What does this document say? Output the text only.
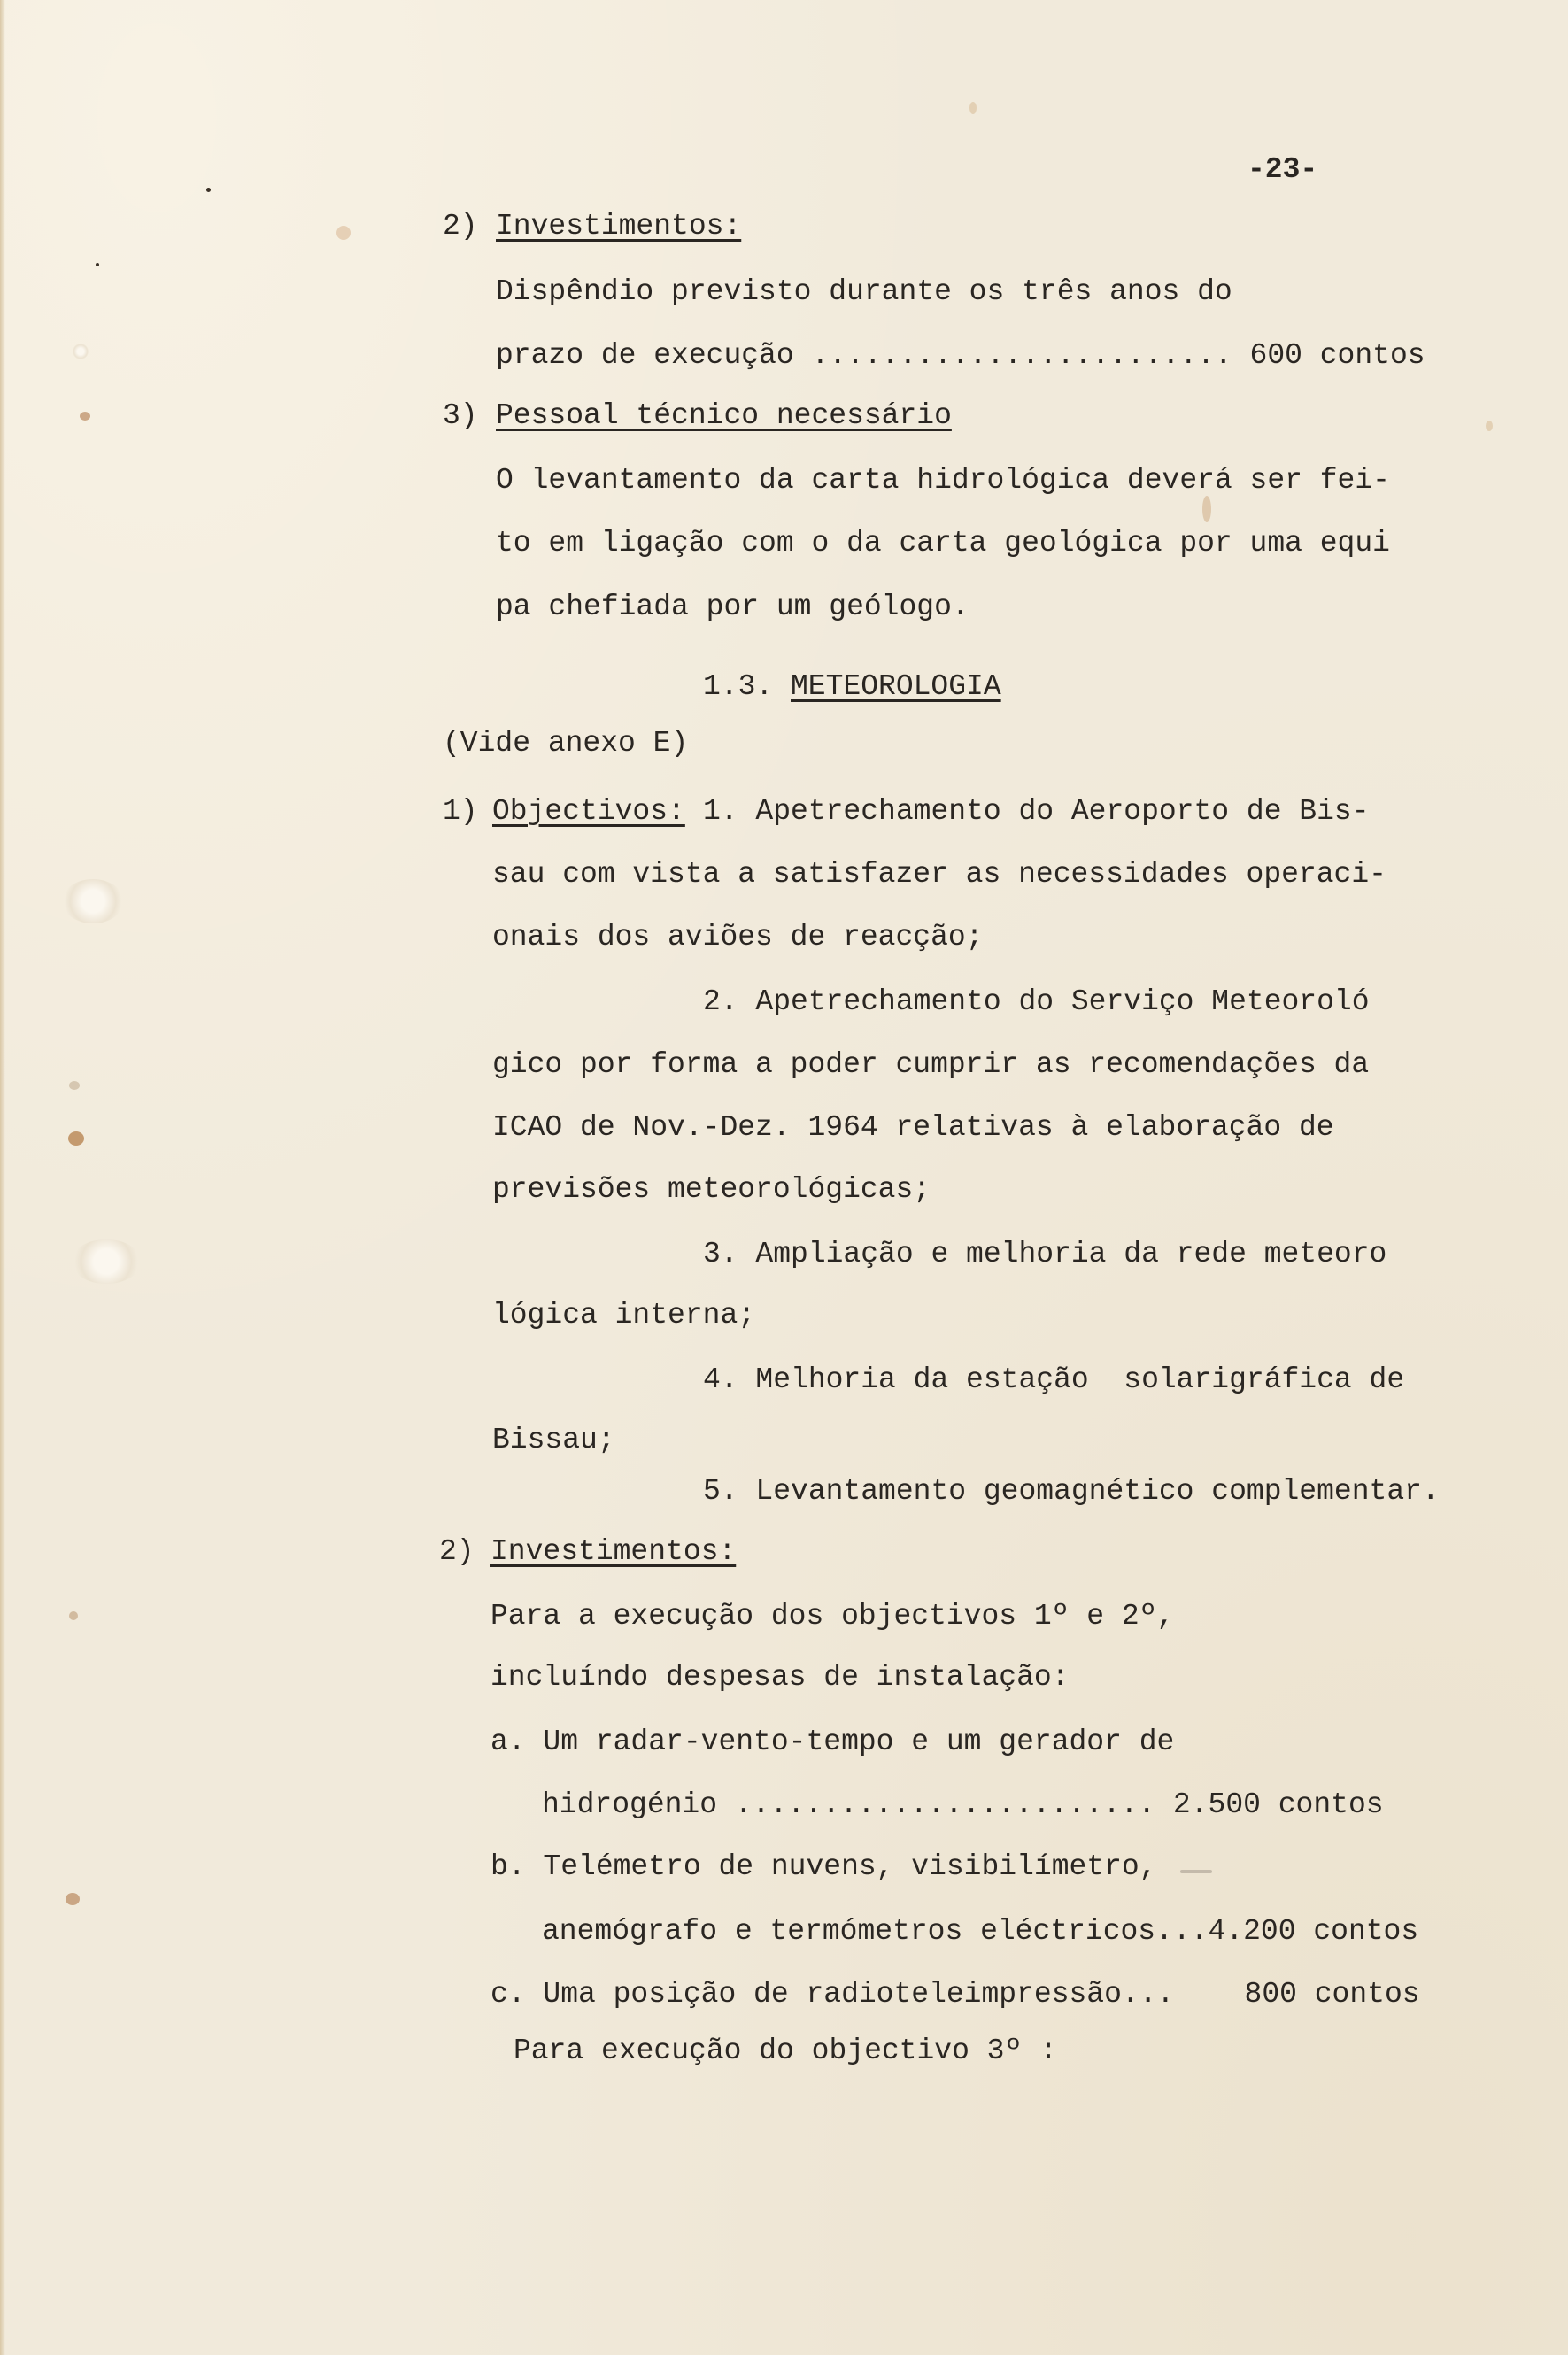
-23-
2) Investimentos:
Dispêndio previsto durante os três anos do
prazo de execução ........................ 600 contos
3) Pessoal técnico necessário
O levantamento da carta hidrológica deverá ser fei-
to em ligação com o da carta geológica por uma equi
pa chefiada por um geólogo.
1.3. METEOROLOGIA
(Vide anexo E)
1) Objectivos: 1. Apetrechamento do Aeroporto de Bis-
sau com vista a satisfazer as necessidades operaci-
onais dos aviões de reacção;
2. Apetrechamento do Serviço Meteoroló
gico por forma a poder cumprir as recomendações da
ICAO de Nov.-Dez. 1964 relativas à elaboração de
previsões meteorológicas;
3. Ampliação e melhoria da rede meteoro
lógica interna;
4. Melhoria da estação  solarigráfica de
Bissau;
5. Levantamento geomagnético complementar.
2) Investimentos:
Para a execução dos objectivos 1º e 2º,
incluíndo despesas de instalação:
a. Um radar-vento-tempo e um gerador de
hidrogénio ........................ 2.500 contos
b. Telémetro de nuvens, visibilímetro,
anemógrafo e termómetros eléctricos...4.200 contos
c. Uma posição de radioteleimpressão...    800 contos
Para execução do objectivo 3º :
